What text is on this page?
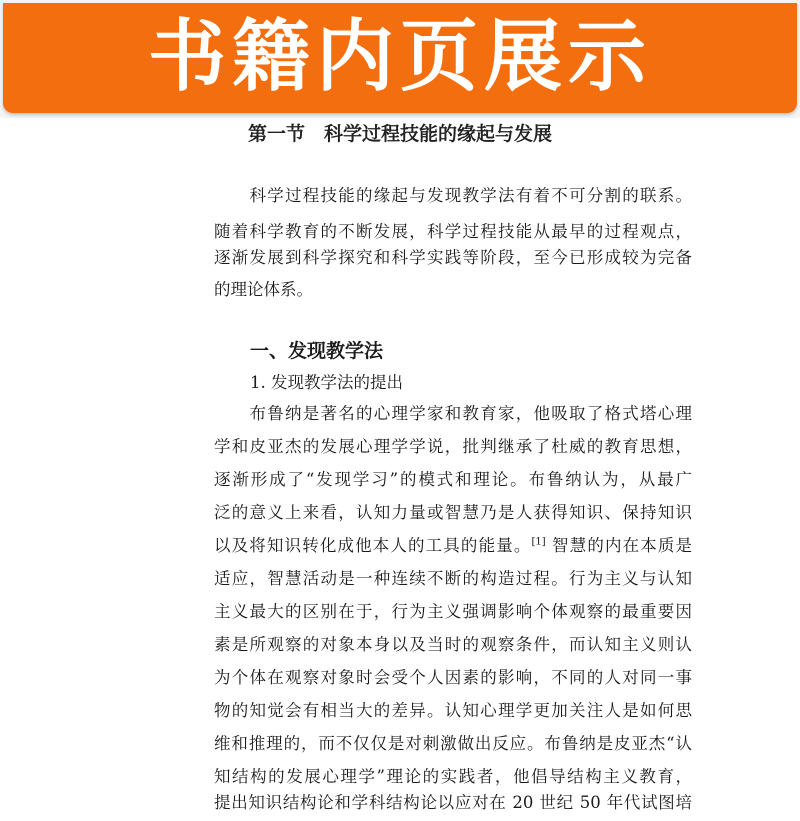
书籍内页展示
第一节　科学过程技能的缘起与发展
　　科学过程技能的缘起与发现教学法有着不可分割的联系。
随着科学教育的不断发展，科学过程技能从最早的过程观点，
逐渐发展到科学探究和科学实践等阶段，至今已形成较为完备
的理论体系。
一、发现教学法
1. 发现教学法的提出
　　布鲁纳是著名的心理学家和教育家，他吸取了格式塔心理
学和皮亚杰的发展心理学学说，批判继承了杜威的教育思想，
逐渐形成了“发现学习”的模式和理论。布鲁纳认为，从最广
泛的意义上来看，认知力量或智慧乃是人获得知识、保持知识
以及将知识转化成他本人的工具的能量。[1] 智慧的内在本质是
适应，智慧活动是一种连续不断的构造过程。行为主义与认知
主义最大的区别在于，行为主义强调影响个体观察的最重要因
素是所观察的对象本身以及当时的观察条件，而认知主义则认
为个体在观察对象时会受个人因素的影响，不同的人对同一事
物的知觉会有相当大的差异。认知心理学更加关注人是如何思
维和推理的，而不仅仅是对刺激做出反应。布鲁纳是皮亚杰“认
知结构的发展心理学”理论的实践者，他倡导结构主义教育，
提出知识结构论和学科结构论以应对在 20 世纪 50 年代试图培
